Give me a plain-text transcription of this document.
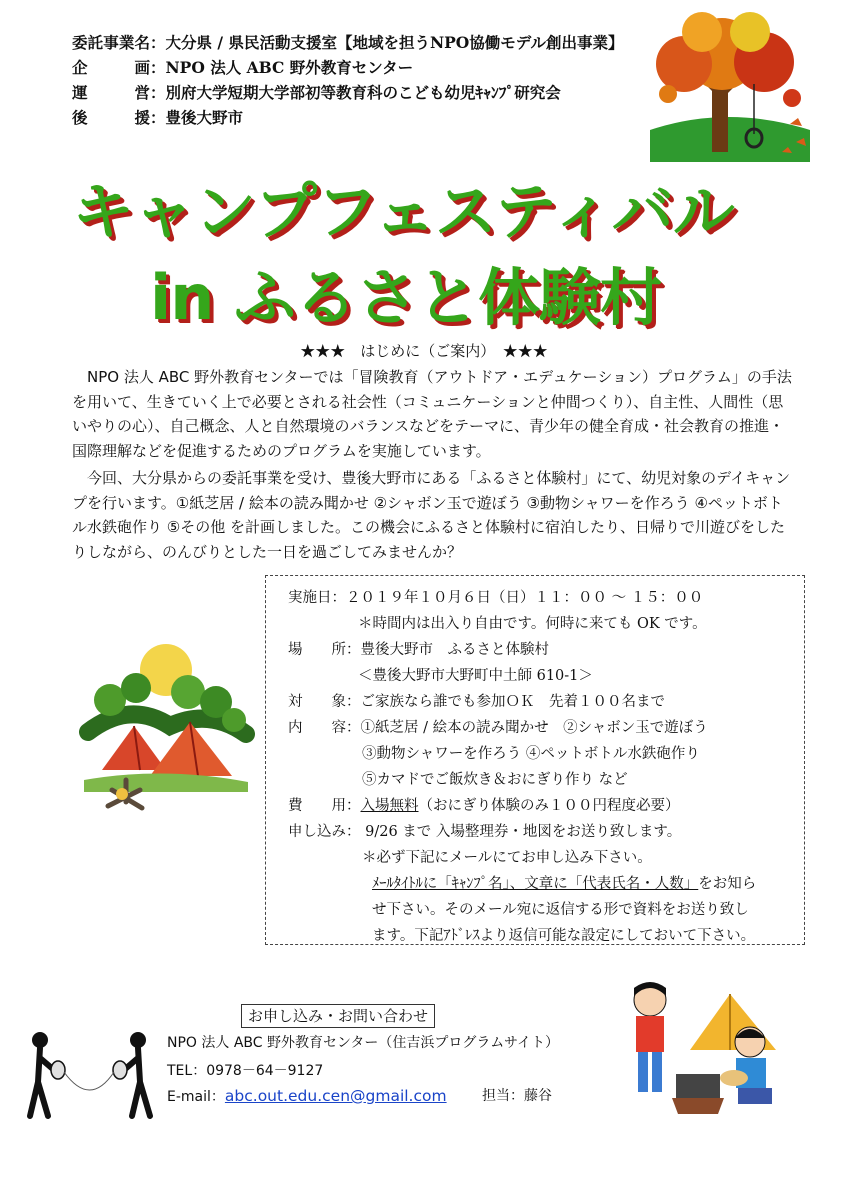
委 託 事 業 名 ：大分県 / 県民活動支援室【地域を担うNPO協働モデル創出事業】
企	画 ：NPO 法人 ABC 野外教育センター
運	営 ：別府大学短期大学部初等教育科のこども幼児ｷｬﾝﾌﾟ研究会
後	援 ：豊後大野市
キャンプフェスティバル
in ふるさと体験村
★★★　はじめに（ご案内）　★★★
　NPO 法人 ABC 野外教育センターでは「冒険教育（アウトドア・エデュケーション）プログラム」の手法を用いて、生きていく上で必要とされる社会性（コミュニケーションと仲間つくり）、自主性、人間性（思いやりの心）、自己概念、人と自然環境のバランスなどをテーマに、青少年の健全育成・社会教育の推進・国際理解などを促進するためのプログラムを実施しています。
　今回、大分県からの委託事業を受け、豊後大野市にある「ふるさと体験村」にて、幼児対象のデイキャンプを行います。①紙芝居 / 絵本の読み聞かせ ②シャボン玉で遊ぼう ③動物シャワーを作ろう ④ペットボトル水鉄砲作り ⑤その他 を計画しました。この機会にふるさと体験村に宿泊したり、日帰りで川遊びをしたりしながら、のんびりとした一日を過ごしてみませんか？
実施日：２０１９年１０月６日（日）１１：００ ～ １５：００
＊時間内は出入り自由です。何時に来ても OK です。
場　　所：豊後大野市　ふるさと体験村
＜豊後大野市大野町中土師 610-1＞
対　　象：ご家族なら誰でも参加ＯＫ　先着１００名まで
内　　容：①紙芝居 / 絵本の読み聞かせ　②シャボン玉で遊ぼう
③動物シャワーを作ろう ④ペットボトル水鉄砲作り
⑤カマドでご飯炊き＆おにぎり作り など
費　　用：入場無料（おにぎり体験のみ１００円程度必要）
申し込み： 9/26 まで 入場整理券・地図をお送り致します。
＊必ず下記にメールにてお申し込み下さい。
ﾒｰﾙﾀｲﾄﾙに「ｷｬﾝﾌﾟ名」、文章に「代表氏名・人数」をお知ら
せ下さい。そのメール宛に返信する形で資料をお送り致し
ます。下記ｱﾄﾞﾚｽより返信可能な設定にしておいて下さい。
お申し込み・お問い合わせ
NPO 法人 ABC 野外教育センター（住吉浜プログラムサイト）
TEL：0978－64－9127
E-mail：abc.out.edu.cen@gmail.com	担当：藤谷
